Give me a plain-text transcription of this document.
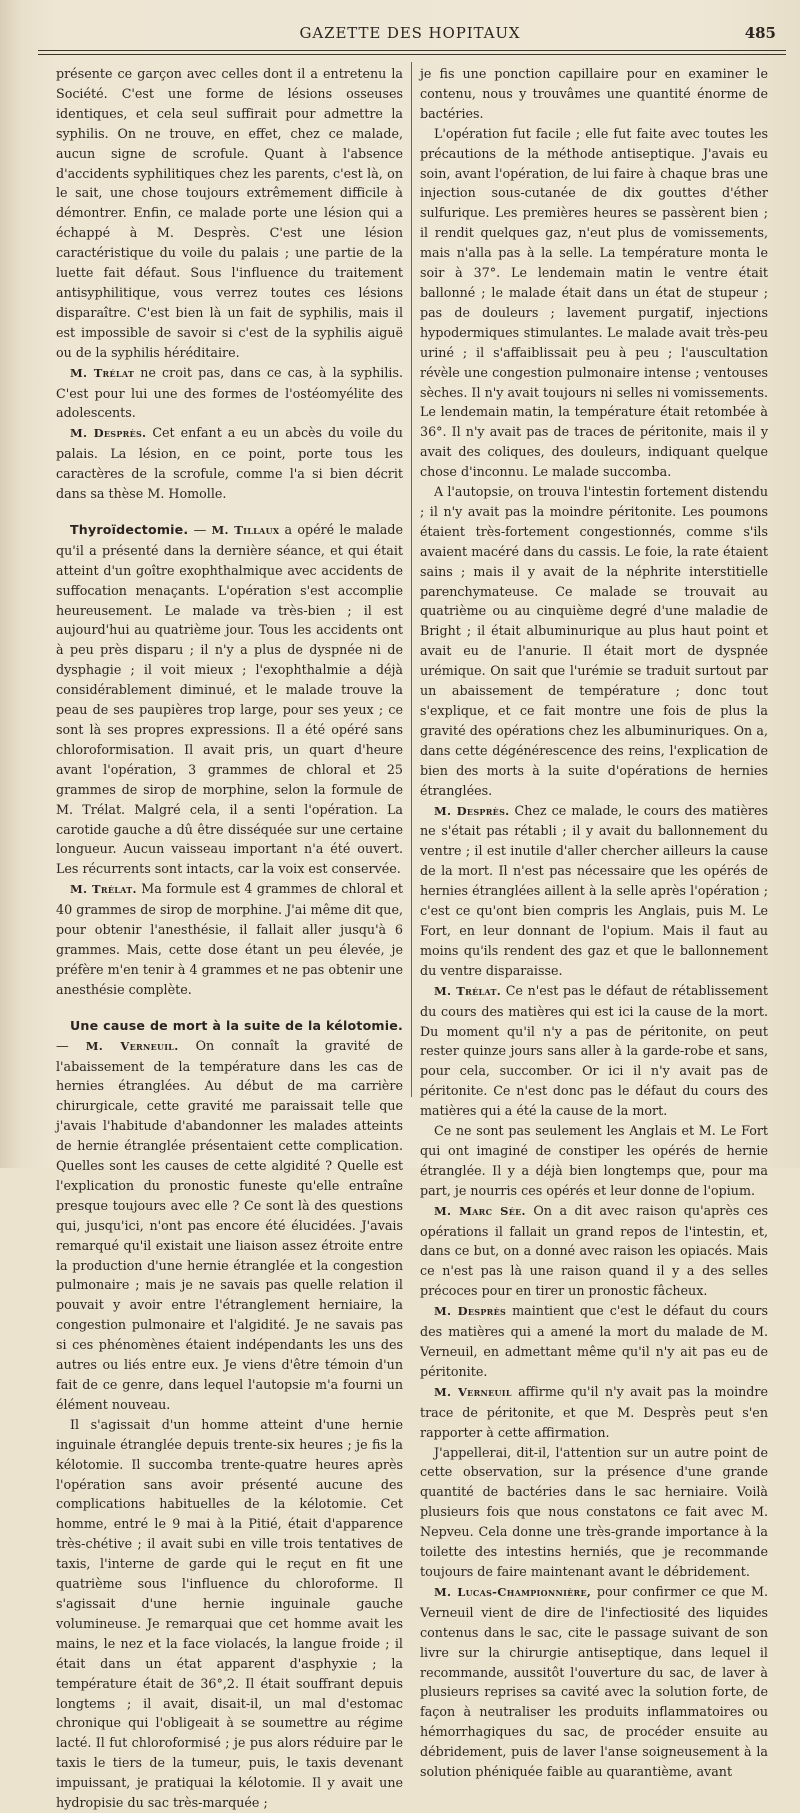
GAZETTE DES HOPITAUX	485

présente ce garçon avec celles dont il a entretenu la Société. C'est une forme de lésions osseuses identiques, et cela seul suffirait pour admettre la syphilis. On ne trouve, en effet, chez ce malade, aucun signe de scrofule. Quant à l'absence d'accidents syphilitiques chez les parents, c'est là, on le sait, une chose toujours extrêmement difficile à démontrer. Enfin, ce malade porte une lésion qui a échappé à M. Desprès. C'est une lésion caractéristique du voile du palais ; une partie de la luette fait défaut. Sous l'influence du traitement antisyphilitique, vous verrez toutes ces lésions disparaître. C'est bien là un fait de syphilis, mais il est impossible de savoir si c'est de la syphilis aiguë ou de la syphilis héréditaire.

M. Trélat ne croit pas, dans ce cas, à la syphilis. C'est pour lui une des formes de l'ostéomyélite des adolescents.

M. Desprès. Cet enfant a eu un abcès du voile du palais. La lésion, en ce point, porte tous les caractères de la scrofule, comme l'a si bien décrit dans sa thèse M. Homolle.

Thyroïdectomie. — M. Tillaux a opéré le malade qu'il a présenté dans la dernière séance, et qui était atteint d'un goître exophthalmique avec accidents de suffocation menaçants. L'opération s'est accomplie heureusement. Le malade va très-bien ; il est aujourd'hui au quatrième jour. Tous les accidents ont à peu près disparu ; il n'y a plus de dyspnée ni de dysphagie ; il voit mieux ; l'exophthalmie a déjà considérablement diminué, et le malade trouve la peau de ses paupières trop large, pour ses yeux ; ce sont là ses propres expressions. Il a été opéré sans chloroformisation. Il avait pris, un quart d'heure avant l'opération, 3 grammes de chloral et 25 grammes de sirop de morphine, selon la formule de M. Trélat. Malgré cela, il a senti l'opération. La carotide gauche a dû être disséquée sur une certaine longueur. Aucun vaisseau important n'a été ouvert. Les récurrents sont intacts, car la voix est conservée.

M. Trélat. Ma formule est 4 grammes de chloral et 40 grammes de sirop de morphine. J'ai même dit que, pour obtenir l'anesthésie, il fallait aller jusqu'à 6 grammes. Mais, cette dose étant un peu élevée, je préfère m'en tenir à 4 grammes et ne pas obtenir une anesthésie complète.

Une cause de mort à la suite de la kélotomie. — M. Verneuil. On connaît la gravité de l'abaissement de la température dans les cas de hernies étranglées. Au début de ma carrière chirurgicale, cette gravité me paraissait telle que j'avais l'habitude d'abandonner les malades atteints de hernie étranglée présentaient cette complication. Quelles sont les causes de cette algidité ? Quelle est l'explication du pronostic funeste qu'elle entraîne presque toujours avec elle ? Ce sont là des questions qui, jusqu'ici, n'ont pas encore été élucidées. J'avais remarqué qu'il existait une liaison assez étroite entre la production d'une hernie étranglée et la congestion pulmonaire ; mais je ne savais pas quelle relation il pouvait y avoir entre l'étranglement herniaire, la congestion pulmonaire et l'algidité. Je ne savais pas si ces phénomènes étaient indépendants les uns des autres ou liés entre eux. Je viens d'être témoin d'un fait de ce genre, dans lequel l'autopsie m'a fourni un élément nouveau.

Il s'agissait d'un homme atteint d'une hernie inguinale étranglée depuis trente-six heures ; je fis la kélotomie. Il succomba trente-quatre heures après l'opération sans avoir présenté aucune des complications habituelles de la kélotomie. Cet homme, entré le 9 mai à la Pitié, était d'apparence très-chétive ; il avait subi en ville trois tentatives de taxis, l'interne de garde qui le reçut en fit une quatrième sous l'influence du chloroforme. Il s'agissait d'une hernie inguinale gauche volumineuse. Je remarquai que cet homme avait les mains, le nez et la face violacés, la langue froide ; il était dans un état apparent d'asphyxie ; la température était de 36°,2. Il était souffrant depuis longtems ; il avait, disait-il, un mal d'estomac chronique qui l'obligeait à se soumettre au régime lacté. Il fut chloroformisé ; je pus alors réduire par le taxis le tiers de la tumeur, puis, le taxis devenant impuissant, je pratiquai la kélotomie. Il y avait une hydropisie du sac très-marquée ;

je fis une ponction capillaire pour en examiner le contenu, nous y trouvâmes une quantité énorme de bactéries.

L'opération fut facile ; elle fut faite avec toutes les précautions de la méthode antiseptique. J'avais eu soin, avant l'opération, de lui faire à chaque bras une injection sous-cutanée de dix gouttes d'éther sulfurique. Les premières heures se passèrent bien ; il rendit quelques gaz, n'eut plus de vomissements, mais n'alla pas à la selle. La température monta le soir à 37°. Le lendemain matin le ventre était ballonné ; le malade était dans un état de stupeur ; pas de douleurs ; lavement purgatif, injections hypodermiques stimulantes. Le malade avait très-peu uriné ; il s'affaiblissait peu à peu ; l'auscultation révèle une congestion pulmonaire intense ; ventouses sèches. Il n'y avait toujours ni selles ni vomissements. Le lendemain matin, la température était retombée à 36°. Il n'y avait pas de traces de péritonite, mais il y avait des coliques, des douleurs, indiquant quelque chose d'inconnu. Le malade succomba.

A l'autopsie, on trouva l'intestin fortement distendu ; il n'y avait pas la moindre péritonite. Les poumons étaient très-fortement congestionnés, comme s'ils avaient macéré dans du cassis. Le foie, la rate étaient sains ; mais il y avait de la néphrite interstitielle parenchymateuse. Ce malade se trouvait au quatrième ou au cinquième degré d'une maladie de Bright ; il était albuminurique au plus haut point et avait eu de l'anurie. Il était mort de dyspnée urémique. On sait que l'urémie se traduit surtout par un abaissement de température ; donc tout s'explique, et ce fait montre une fois de plus la gravité des opérations chez les albuminuriques. On a, dans cette dégénérescence des reins, l'explication de bien des morts à la suite d'opérations de hernies étranglées.

M. Desprès. Chez ce malade, le cours des matières ne s'était pas rétabli ; il y avait du ballonnement du ventre ; il est inutile d'aller chercher ailleurs la cause de la mort. Il n'est pas nécessaire que les opérés de hernies étranglées aillent à la selle après l'opération ; c'est ce qu'ont bien compris les Anglais, puis M. Le Fort, en leur donnant de l'opium. Mais il faut au moins qu'ils rendent des gaz et que le ballonnement du ventre disparaisse.

M. Trélat. Ce n'est pas le défaut de rétablissement du cours des matières qui est ici la cause de la mort. Du moment qu'il n'y a pas de péritonite, on peut rester quinze jours sans aller à la garde-robe et sans, pour cela, succomber. Or ici il n'y avait pas de péritonite. Ce n'est donc pas le défaut du cours des matières qui a été la cause de la mort.

Ce ne sont pas seulement les Anglais et M. Le Fort qui ont imaginé de constiper les opérés de hernie étranglée. Il y a déjà bien longtemps que, pour ma part, je nourris ces opérés et leur donne de l'opium.

M. Marc Sée. On a dit avec raison qu'après ces opérations il fallait un grand repos de l'intestin, et, dans ce but, on a donné avec raison les opiacés. Mais ce n'est pas là une raison quand il y a des selles précoces pour en tirer un pronostic fâcheux.

M. Desprès maintient que c'est le défaut du cours des matières qui a amené la mort du malade de M. Verneuil, en admettant même qu'il n'y ait pas eu de péritonite.

M. Verneuil affirme qu'il n'y avait pas la moindre trace de péritonite, et que M. Desprès peut s'en rapporter à cette affirmation.

J'appellerai, dit-il, l'attention sur un autre point de cette observation, sur la présence d'une grande quantité de bactéries dans le sac herniaire. Voilà plusieurs fois que nous constatons ce fait avec M. Nepveu. Cela donne une très-grande importance à la toilette des intestins herniés, que je recommande toujours de faire maintenant avant le débridement.

M. Lucas-Championnière, pour confirmer ce que M. Verneuil vient de dire de l'infectiosité des liquides contenus dans le sac, cite le passage suivant de son livre sur la chirurgie antiseptique, dans lequel il recommande, aussitôt l'ouverture du sac, de laver à plusieurs reprises sa cavité avec la solution forte, de façon à neutraliser les produits inflammatoires ou hémorrhagiques du sac, de procéder ensuite au débridement, puis de laver l'anse soigneusement à la solution phéniquée faible au quarantième, avant
